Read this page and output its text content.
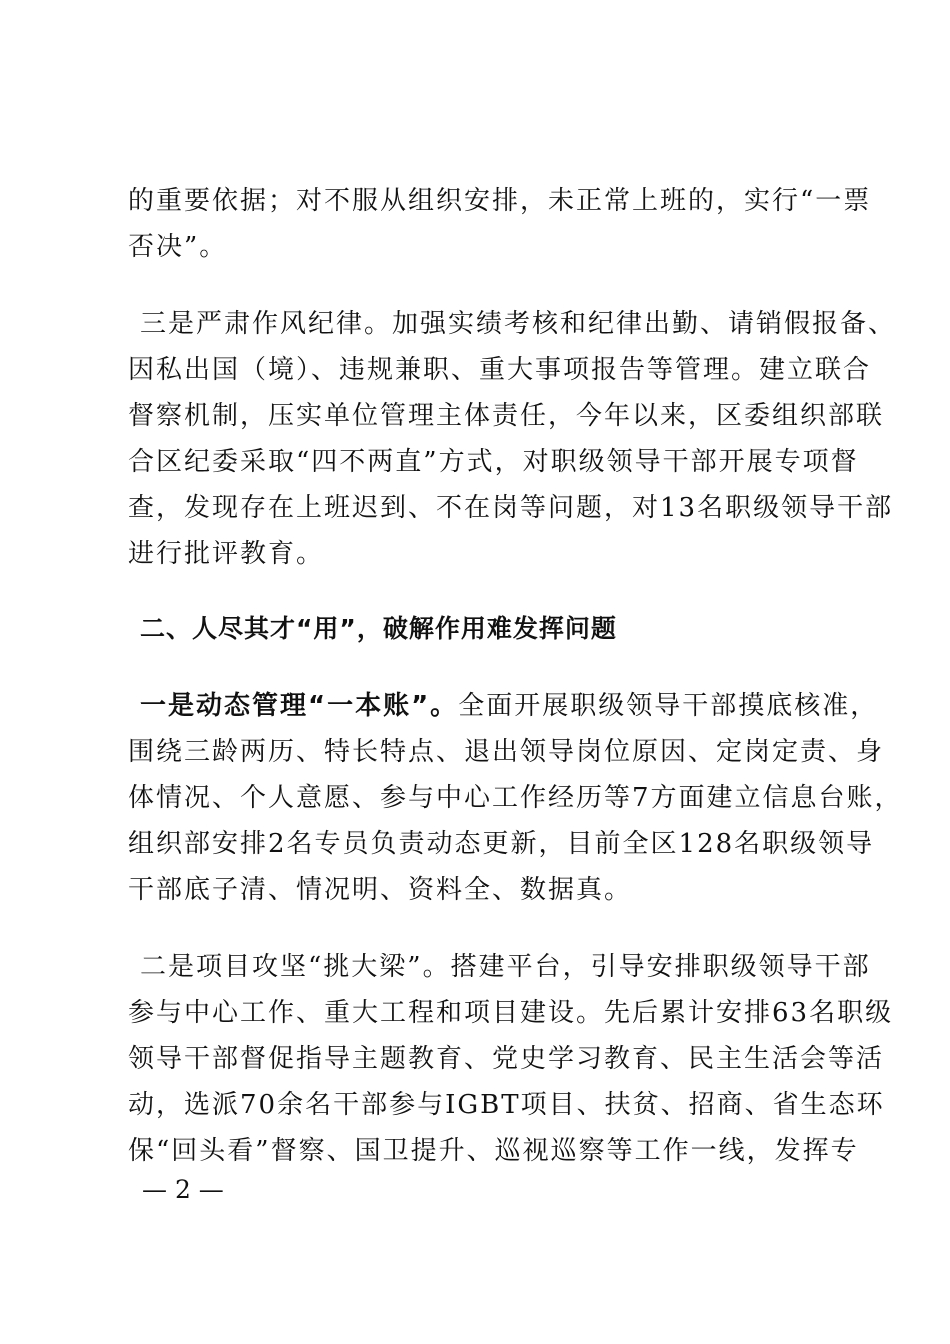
的重要依据；对不服从组织安排，未正常上班的，实行“一票
否决”。
三是严肃作风纪律。加强实绩考核和纪律出勤、请销假报备、
因私出国（境）、违规兼职、重大事项报告等管理。建立联合
督察机制，压实单位管理主体责任，今年以来，区委组织部联
合区纪委采取“四不两直”方式，对职级领导干部开展专项督
查，发现存在上班迟到、不在岗等问题，对13名职级领导干部
进行批评教育。
二、人尽其才“用”，破解作用难发挥问题
一是动态管理“一本账”。全面开展职级领导干部摸底核准，
围绕三龄两历、特长特点、退出领导岗位原因、定岗定责、身
体情况、个人意愿、参与中心工作经历等7方面建立信息台账，
组织部安排2名专员负责动态更新，目前全区128名职级领导
干部底子清、情况明、资料全、数据真。
二是项目攻坚“挑大梁”。搭建平台，引导安排职级领导干部
参与中心工作、重大工程和项目建设。先后累计安排63名职级
领导干部督促指导主题教育、党史学习教育、民主生活会等活
动，选派70余名干部参与IGBT项目、扶贫、招商、省生态环
保“回头看”督察、国卫提升、巡视巡察等工作一线，发挥专
— 2 —
